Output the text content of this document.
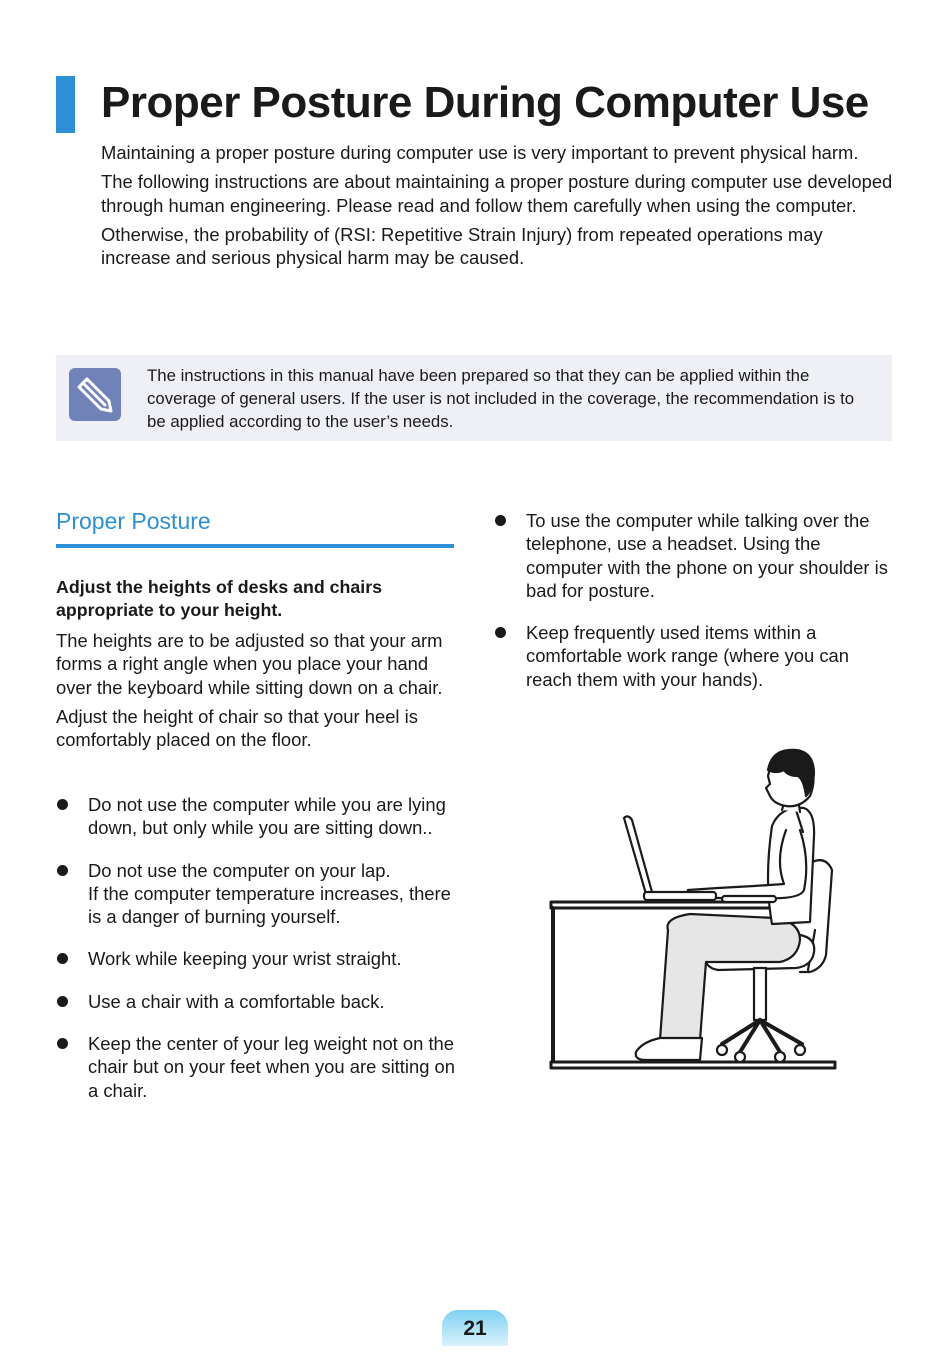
Proper Posture During Computer Use

Maintaining a proper posture during computer use is very important to prevent physical harm.

The following instructions are about maintaining a proper posture during computer use developed through human engineering. Please read and follow them carefully when using the computer.

Otherwise, the probability of (RSI: Repetitive Strain Injury) from repeated operations may increase and serious physical harm may be caused.

The instructions in this manual have been prepared so that they can be applied within the coverage of general users. If the user is not included in the coverage, the recommendation is to be applied according to the user’s needs.
Proper Posture
Adjust the heights of desks and chairs appropriate to your height.

The heights are to be adjusted so that your arm forms a right angle when you place your hand over the keyboard while sitting down on a chair.

Adjust the height of chair so that your heel is comfortably placed on the floor.

Do not use the computer while you are lying down, but only while you are sitting down..
Do not use the computer on your lap.
If the computer temperature increases, there is a danger of burning yourself.
Work while keeping your wrist straight.
Use a chair with a comfortable back.
Keep the center of your leg weight not on the chair but on your feet when you are sitting on a chair.
To use the computer while talking over the telephone, use a headset. Using the computer with the phone on your shoulder is bad for posture.
Keep frequently used items within a comfortable work range (where you can reach them with your hands).
21
